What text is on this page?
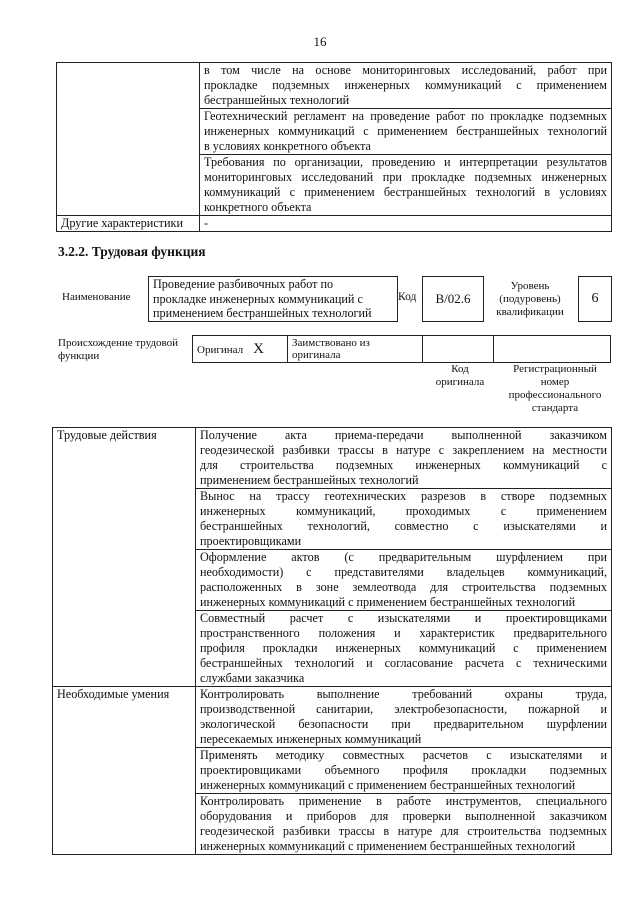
16

	в том числе на основе мониторинговых исследований, работ при
прокладке подземных инженерных коммуникаций с применением
бестраншейных технологий

	Геотехнический регламент на проведение работ по прокладке подземных
инженерных коммуникаций с применением бестраншейных технологий
в условиях конкретного объекта

	Требования по организации, проведению и интерпретации результатов
мониторинговых исследований при прокладке подземных инженерных
коммуникаций с применением бестраншейных технологий в условиях
конкретного объекта

Другие характеристики	-
3.2.2. Трудовая функция
Наименование
Проведение разбивочных работ по
прокладке инженерных коммуникаций с
применением бестраншейных технологий
Код B/02.6
Уровень
(подуровень)
квалификации
6
Происхождение трудовой
функции
Оригинал X	Заимствовано из
оригинала

Код
оригинала
Регистрационный
номер
профессионального
стандарта
Трудовые действия	Получение акта приема-передачи выполненной заказчиком
геодезической разбивки трассы в натуре с закреплением на местности
для строительства подземных инженерных коммуникаций с
применением бестраншейных технологий

	Вынос на трассу геотехнических разрезов в створе подземных
инженерных коммуникаций, проходимых с применением
бестраншейных технологий, совместно с изыскателями и
проектировщиками

	Оформление актов (с предварительным шурфлением при
необходимости) с представителями владельцев коммуникаций,
расположенных в зоне землеотвода для строительства подземных
инженерных коммуникаций с применением бестраншейных технологий

	Совместный расчет с изыскателями и проектировщиками
пространственного положения и характеристик предварительного
профиля прокладки инженерных коммуникаций с применением
бестраншейных технологий и согласование расчета с техническими
службами заказчика

Необходимые умения	Контролировать выполнение требований охраны труда,
производственной санитарии, электробезопасности, пожарной и
экологической безопасности при предварительном шурфлении
пересекаемых инженерных коммуникаций

	Применять методику совместных расчетов с изыскателями и
проектировщиками объемного профиля прокладки подземных
инженерных коммуникаций с применением бестраншейных технологий

	Контролировать применение в работе инструментов, специального
оборудования и приборов для проверки выполненной заказчиком
геодезической разбивки трассы в натуре для строительства подземных
инженерных коммуникаций с применением бестраншейных технологий
